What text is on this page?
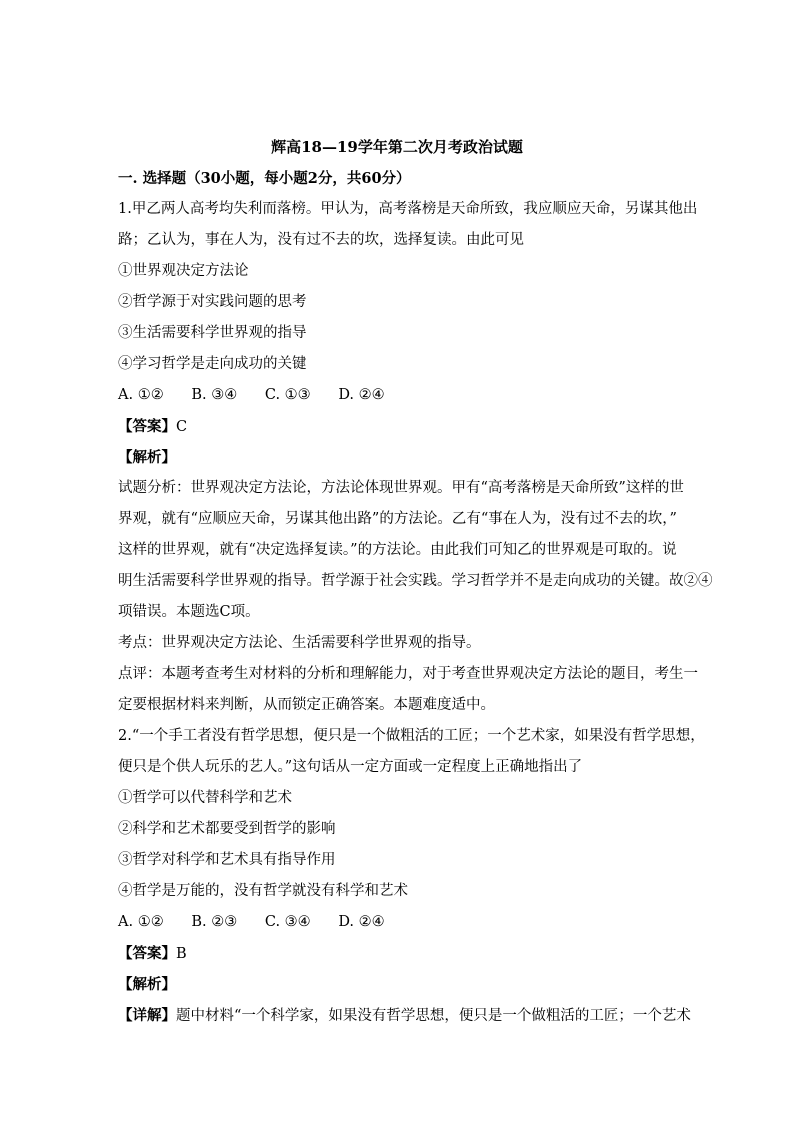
辉高18—19学年第二次月考政治试题
一. 选择题（30小题，每小题2分，共60分）
1.甲乙两人高考均失利而落榜。甲认为，高考落榜是天命所致，我应顺应天命，另谋其他出
路；乙认为，事在人为，没有过不去的坎，选择复读。由此可见
①世界观决定方法论
②哲学源于对实践问题的思考
③生活需要科学世界观的指导
④学习哲学是走向成功的关键
A. ①②      B. ③④      C. ①③      D. ②④
【答案】C
【解析】
试题分析：世界观决定方法论，方法论体现世界观。甲有“高考落榜是天命所致”这样的世
界观，就有“应顺应天命，另谋其他出路”的方法论。乙有“事在人为，没有过不去的坎，”
这样的世界观，就有“决定选择复读。”的方法论。由此我们可知乙的世界观是可取的。说
明生活需要科学世界观的指导。哲学源于社会实践。学习哲学并不是走向成功的关键。故②④
项错误。本题选C项。
考点：世界观决定方法论、生活需要科学世界观的指导。
点评：本题考查考生对材料的分析和理解能力，对于考查世界观决定方法论的题目，考生一
定要根据材料来判断，从而锁定正确答案。本题难度适中。
2.“一个手工者没有哲学思想，便只是一个做粗活的工匠；一个艺术家，如果没有哲学思想，
便只是个供人玩乐的艺人。”这句话从一定方面或一定程度上正确地指出了
①哲学可以代替科学和艺术
②科学和艺术都要受到哲学的影响
③哲学对科学和艺术具有指导作用
④哲学是万能的，没有哲学就没有科学和艺术
A. ①②      B. ②③      C. ③④      D. ②④
【答案】B
【解析】
【详解】题中材料“一个科学家，如果没有哲学思想，便只是一个做粗活的工匠；一个艺术
